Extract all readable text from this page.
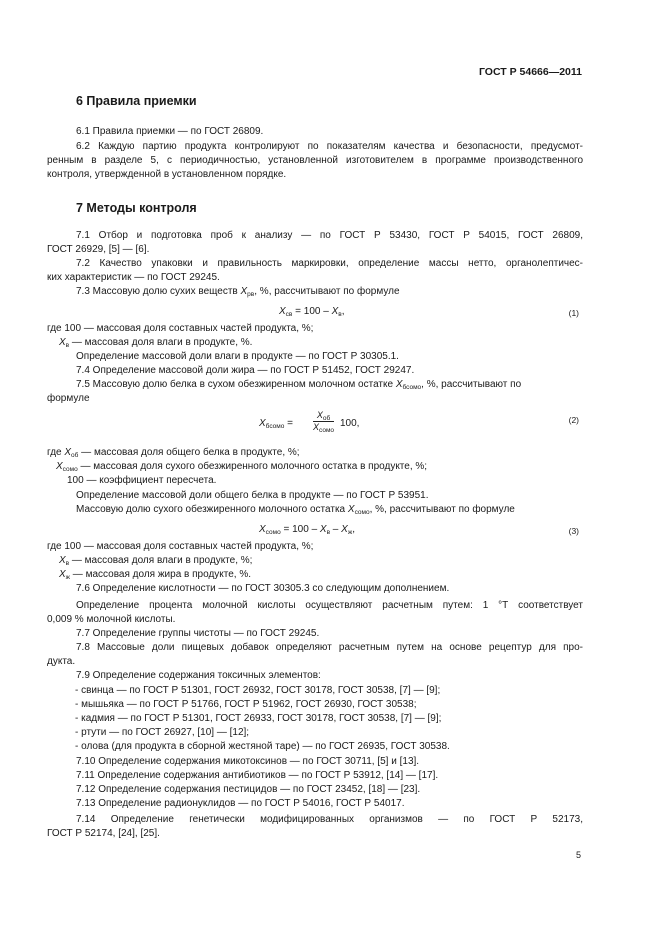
ГОСТ Р 54666—2011
6 Правила приемки
6.1 Правила приемки — по ГОСТ 26809.
6.2 Каждую партию продукта контролируют по показателям качества и безопасности, предусмот-
ренным в разделе 5, с периодичностью, установленной изготовителем в программе производственного
контроля, утвержденной в установленном порядке.
7 Методы контроля
7.1 Отбор и подготовка проб к анализу — по ГОСТ Р 53430, ГОСТ Р 54015, ГОСТ 26809,
ГОСТ 26929, [5] — [6].
7.2 Качество упаковки и правильность маркировки, определение массы нетто, органолептичес-
ких характеристик — по ГОСТ 29245.
7.3 Массовую долю сухих веществ $X_{рв}$, %, рассчитывают по формуле
$X_{св} = 100 - X_в$,	(1)
где 100 — массовая доля составных частей продукта, %;
$X_в$ — массовая доля влаги в продукте, %.
Определение массовой доли влаги в продукте — по ГОСТ Р 30305.1.
7.4 Определение массовой доли жира — по ГОСТ Р 51452, ГОСТ 29247.
7.5 Массовую долю белка в сухом обезжиренном молочном остатке $X_{бсомо}$, %, рассчитывают по
формуле
$X_{бсомо}$ =
$X_{об}$
$X_{сомо}$
100,	(2)
где $X_{об}$ — массовая доля общего белка в продукте, %;
$X_{сомо}$ — массовая доля сухого обезжиренного молочного остатка в продукте, %;
100 — коэффициент пересчета.
Определение массовой доли общего белка в продукте — по ГОСТ Р 53951.
Массовую долю сухого обезжиренного молочного остатка $X_{сомо}$, %, рассчитывают по формуле
$X_{сомо} = 100 - X_в - X_ж$,	(3)
где 100 — массовая доля составных частей продукта, %;
$X_в$ — массовая доля влаги в продукте, %;
$X_ж$ — массовая доля жира в продукте, %.
7.6 Определение кислотности — по ГОСТ 30305.3 со следующим дополнением.
Определение процента молочной кислоты осуществляют расчетным путем: 1 °Т соответствует
0,009 % молочной кислоты.
7.7 Определение группы чистоты — по ГОСТ 29245.
7.8 Массовые доли пищевых добавок определяют расчетным путем на основе рецептур для про-
дукта.
7.9 Определение содержания токсичных элементов:
- свинца — по ГОСТ Р 51301, ГОСТ 26932, ГОСТ 30178, ГОСТ 30538, [7] — [9];
- мышьяка — по ГОСТ Р 51766, ГОСТ Р 51962, ГОСТ 26930, ГОСТ 30538;
- кадмия — по ГОСТ Р 51301, ГОСТ 26933, ГОСТ 30178, ГОСТ 30538, [7] — [9];
- ртути — по ГОСТ 26927, [10] — [12];
- олова (для продукта в сборной жестяной таре) — по ГОСТ 26935, ГОСТ 30538.
7.10 Определение содержания микотоксинов — по ГОСТ 30711, [5] и [13].
7.11 Определение содержания антибиотиков — по ГОСТ Р 53912, [14] — [17].
7.12 Определение содержания пестицидов — по ГОСТ 23452, [18] — [23].
7.13 Определение радионуклидов — по ГОСТ Р 54016, ГОСТ Р 54017.
7.14 Определение генетически модифицированных организмов — по ГОСТ Р 52173,
ГОСТ Р 52174, [24], [25].
5
